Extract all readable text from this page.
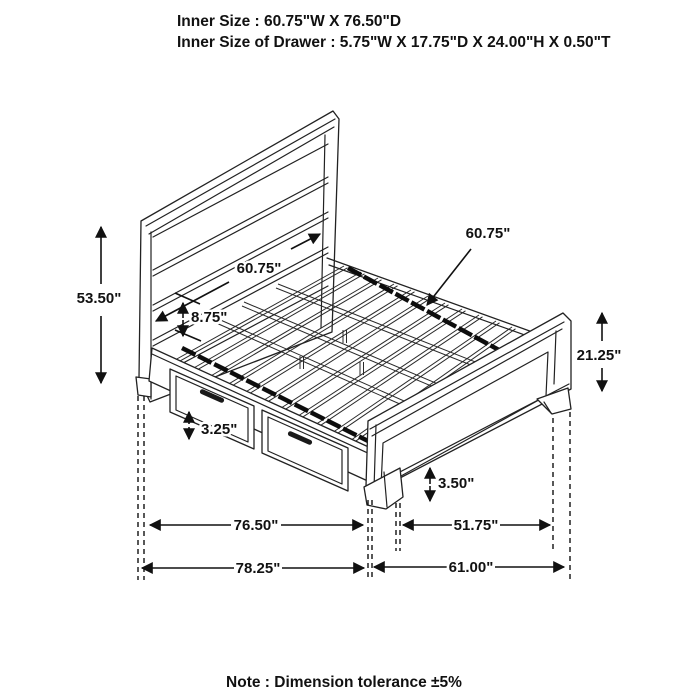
Inner Size : 60.75"W X 76.50"D
Inner Size of Drawer : 5.75"W X 17.75"D X 24.00"H X 0.50"T
53.50"
60.75"
8.75"
60.75"
21.25"
3.25"
3.50"
76.50"	51.75"
78.25"	61.00"
Note : Dimension tolerance ±5%
